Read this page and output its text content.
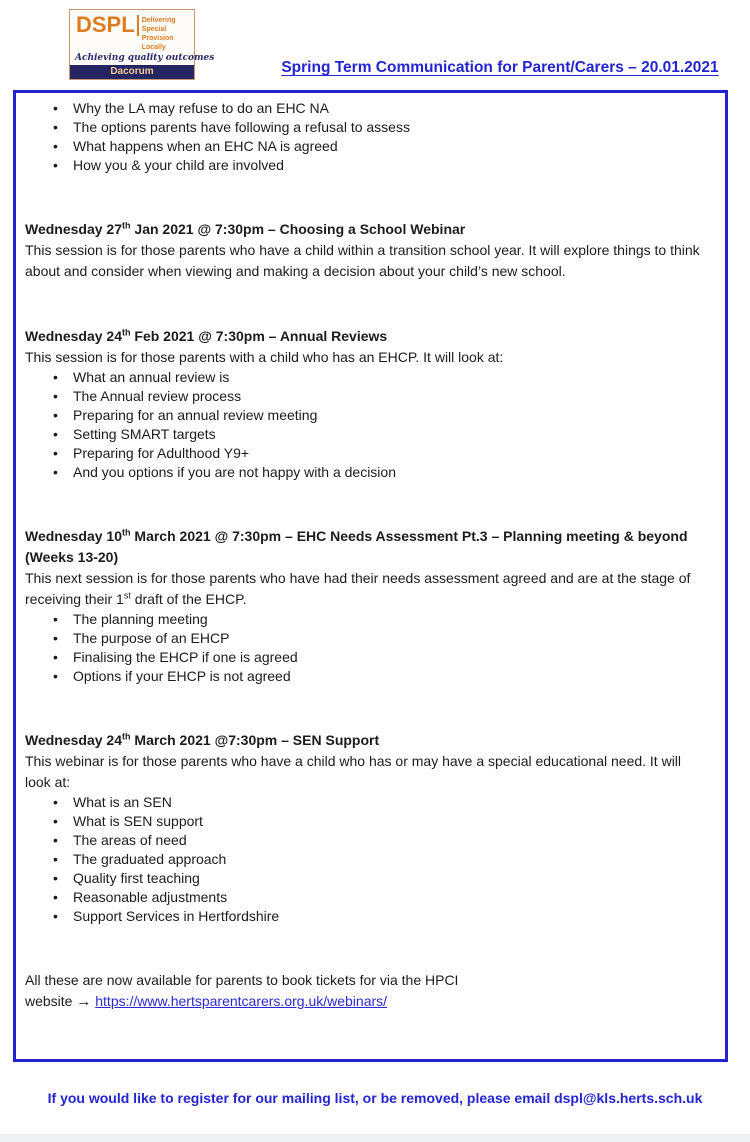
DSPL Delivering Special
Provision Locally
Achieving quality outcomes
Dacorum	Spring Term Communication for Parent/Carers – 20.01.2021
• Why the LA may refuse to do an EHC NA
• The options parents have following a refusal to assess
• What happens when an EHC NA is agreed
• How you & your child are involved
Wednesday 27th Jan 2021 @ 7:30pm – Choosing a School Webinar

This session is for those parents who have a child within a transition school year. It will explore things to think about and consider when viewing and making a decision about your child’s new school.

Wednesday 24th Feb 2021 @ 7:30pm – Annual Reviews

This session is for those parents with a child who has an EHCP. It will look at:

• What an annual review is
• The Annual review process
• Preparing for an annual review meeting
• Setting SMART targets
• Preparing for Adulthood Y9+
• And you options if you are not happy with a decision
Wednesday 10th March 2021 @ 7:30pm – EHC Needs Assessment Pt.3 – Planning meeting & beyond (Weeks 13-20)

This next session is for those parents who have had their needs assessment agreed and are at the stage of receiving their 1st draft of the EHCP.

• The planning meeting
• The purpose of an EHCP
• Finalising the EHCP if one is agreed
• Options if your EHCP is not agreed
Wednesday 24th March 2021 @7:30pm – SEN Support

This webinar is for those parents who have a child who has or may have a special educational need. It will look at:

• What is an SEN
• What is SEN support
• The areas of need
• The graduated approach
• Quality first teaching
• Reasonable adjustments
• Support Services in Hertfordshire

All these are now available for parents to book tickets for via the HPCI
website → https://www.hertsparentcarers.org.uk/webinars/

If you would like to register for our mailing list, or be removed, please email dspl@kls.herts.sch.uk
